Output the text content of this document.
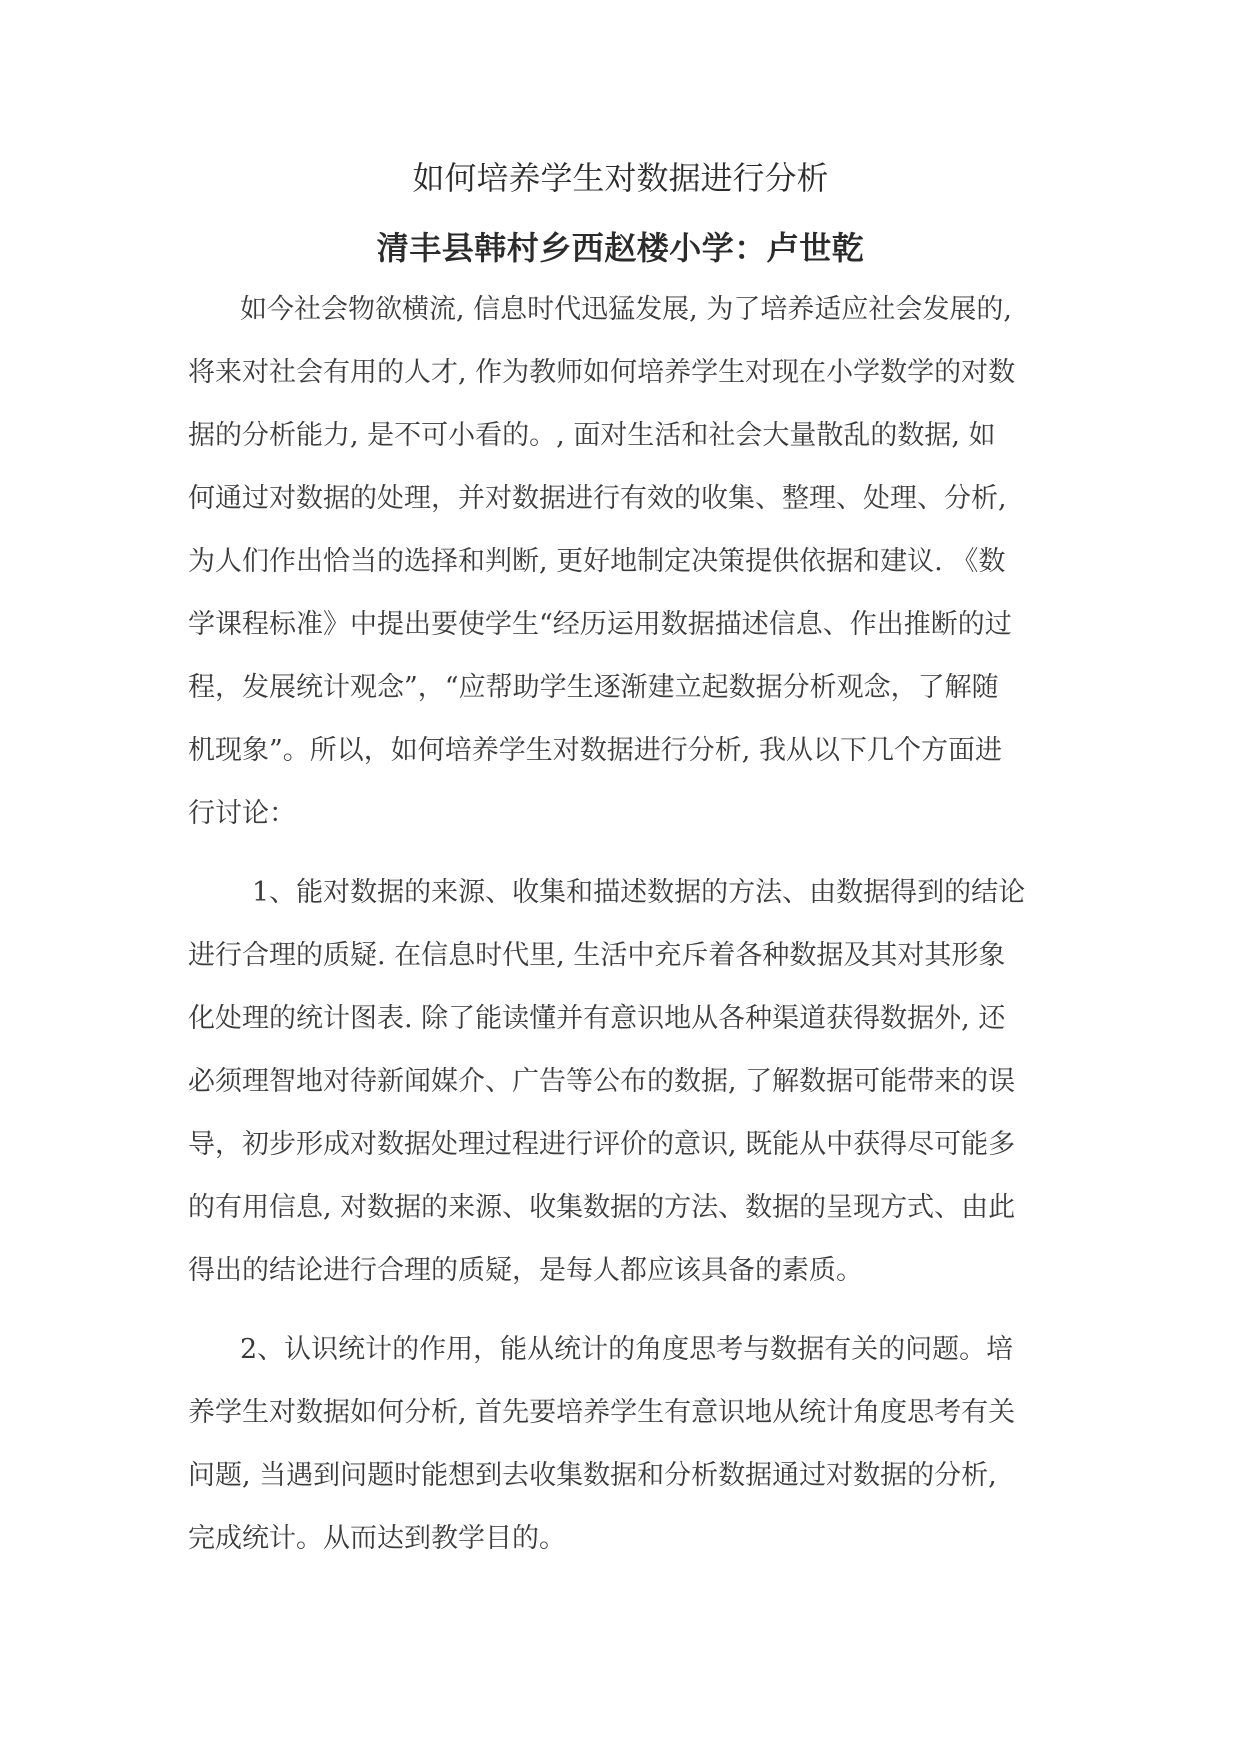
如何培养学生对数据进行分析
清丰县韩村乡西赵楼小学：卢世乾
如今社会物欲横流, 信息时代迅猛发展, 为了培养适应社会发展的,
将来对社会有用的人才, 作为教师如何培养学生对现在小学数学的对数
据的分析能力, 是不可小看的。, 面对生活和社会大量散乱的数据, 如
何通过对数据的处理，并对数据进行有效的收集、整理、处理、分析,
为人们作出恰当的选择和判断, 更好地制定决策提供依据和建议. 《数
学课程标准》中提出要使学生“经历运用数据描述信息、作出推断的过
程，发展统计观念”，“应帮助学生逐渐建立起数据分析观念，了解随
机现象”。所以，如何培养学生对数据进行分析, 我从以下几个方面进
行讨论：
1、能对数据的来源、收集和描述数据的方法、由数据得到的结论
进行合理的质疑. 在信息时代里, 生活中充斥着各种数据及其对其形象
化处理的统计图表. 除了能读懂并有意识地从各种渠道获得数据外, 还
必须理智地对待新闻媒介、广告等公布的数据, 了解数据可能带来的误
导，初步形成对数据处理过程进行评价的意识, 既能从中获得尽可能多
的有用信息, 对数据的来源、收集数据的方法、数据的呈现方式、由此
得出的结论进行合理的质疑，是每人都应该具备的素质。
2、认识统计的作用，能从统计的角度思考与数据有关的问题。培
养学生对数据如何分析, 首先要培养学生有意识地从统计角度思考有关
问题, 当遇到问题时能想到去收集数据和分析数据通过对数据的分析,
完成统计。从而达到教学目的。
